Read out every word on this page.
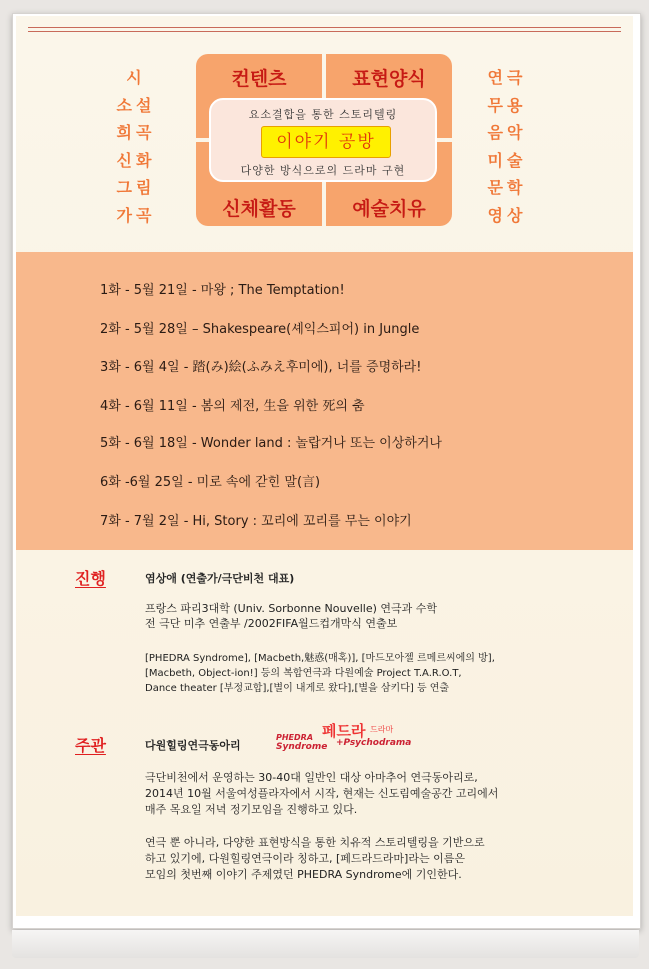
시
소설
희곡
신화
그림
가곡
연극
무용
음악
미술
문학
영상
컨텐츠	표현양식
신체활동	예술치유
요소결합을 통한 스토리텔링
이야기 공방
다양한 방식으로의 드라마 구현
1화 - 5월 21일 - 마왕 ; The Temptation!
2화 - 5월 28일 – Shakespeare(셰익스피어) in Jungle
3화 - 6월 4일 - 踏(み)絵(ふみえ후미에), 너를 증명하라!
4화 - 6월 11일 - 봄의 제전, 生을 위한 死의 춤
5화 - 6월 18일 - Wonder land : 놀랍거나 또는 이상하거나
6화 -6월 25일 - 미로 속에 갇힌 말(言)
7화 - 7월 2일 - Hi, Story : 꼬리에 꼬리를 무는 이야기
진행	염상애 (연출가/극단비천 대표)
프랑스 파리3대학 (Univ. Sorbonne Nouvelle) 연극과 수학
전 극단 미추 연출부 /2002FIFA월드컵개막식 연출보
[PHEDRA Syndrome], [Macbeth,魅惑(매혹)], [마드모아젤 르메르씨에의 방],
[Macbeth, Object-ion!] 등의 복합연극과 다원예술 Project T.A.R.O.T,
Dance theater [부정교합],[별이 내게로 왔다],[별을 삼키다] 등 연출
주관	다원힐링연극동아리
페드라 드라마
PHEDRA
Syndrome +Psychodrama
극단비천에서 운영하는 30-40대 일반인 대상 아마추어 연극동아리로,
2014년 10월 서울여성플라자에서 시작, 현재는 신도림예술공간 고리에서
매주 목요일 저녁 정기모임을 진행하고 있다.
연극 뿐 아니라, 다양한 표현방식을 통한 치유적 스토리텔링을 기반으로
하고 있기에, 다원힐링연극이라 칭하고, [페드라드라마]라는 이름은
모임의 첫번째 이야기 주제였던 PHEDRA Syndrome에 기인한다.
